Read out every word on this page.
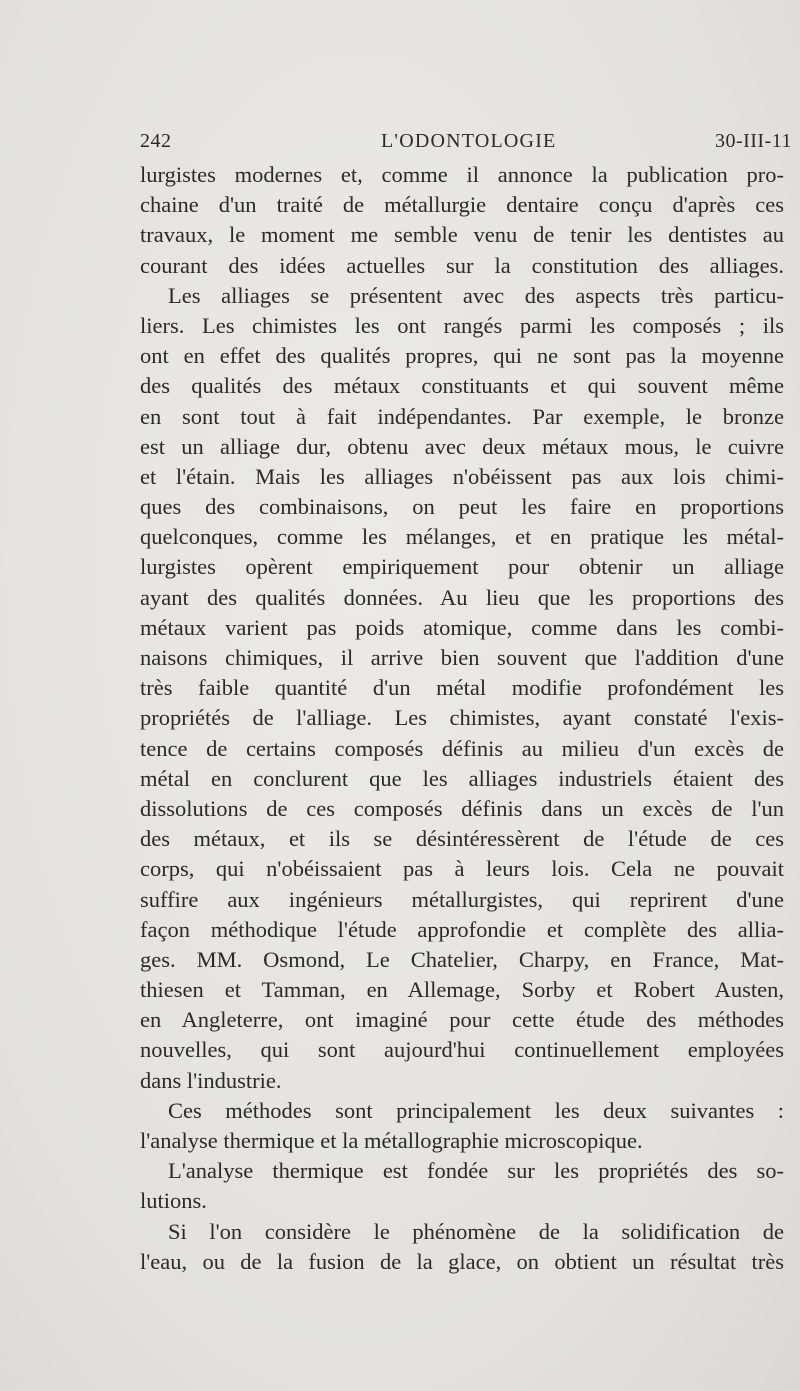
242	L'ODONTOLOGIE	30-III-11
lurgistes modernes et, comme il annonce la publication pro-
chaine d'un traité de métallurgie dentaire conçu d'après ces
travaux, le moment me semble venu de tenir les dentistes au
courant des idées actuelles sur la constitution des alliages.
Les alliages se présentent avec des aspects très particu-
liers. Les chimistes les ont rangés parmi les composés ; ils
ont en effet des qualités propres, qui ne sont pas la moyenne
des qualités des métaux constituants et qui souvent même
en sont tout à fait indépendantes. Par exemple, le bronze
est un alliage dur, obtenu avec deux métaux mous, le cuivre
et l'étain. Mais les alliages n'obéissent pas aux lois chimi-
ques des combinaisons, on peut les faire en proportions
quelconques, comme les mélanges, et en pratique les métal-
lurgistes opèrent empiriquement pour obtenir un alliage
ayant des qualités données. Au lieu que les proportions des
métaux varient pas poids atomique, comme dans les combi-
naisons chimiques, il arrive bien souvent que l'addition d'une
très faible quantité d'un métal modifie profondément les
propriétés de l'alliage. Les chimistes, ayant constaté l'exis-
tence de certains composés définis au milieu d'un excès de
métal en conclurent que les alliages industriels étaient des
dissolutions de ces composés définis dans un excès de l'un
des métaux, et ils se désintéressèrent de l'étude de ces
corps, qui n'obéissaient pas à leurs lois. Cela ne pouvait
suffire aux ingénieurs métallurgistes, qui reprirent d'une
façon méthodique l'étude approfondie et complète des allia-
ges. MM. Osmond, Le Chatelier, Charpy, en France, Mat-
thiesen et Tamman, en Allemage, Sorby et Robert Austen,
en Angleterre, ont imaginé pour cette étude des méthodes
nouvelles, qui sont aujourd'hui continuellement employées
dans l'industrie.
Ces méthodes sont principalement les deux suivantes :
l'analyse thermique et la métallographie microscopique.
L'analyse thermique est fondée sur les propriétés des so-
lutions.
Si l'on considère le phénomène de la solidification de
l'eau, ou de la fusion de la glace, on obtient un résultat très
